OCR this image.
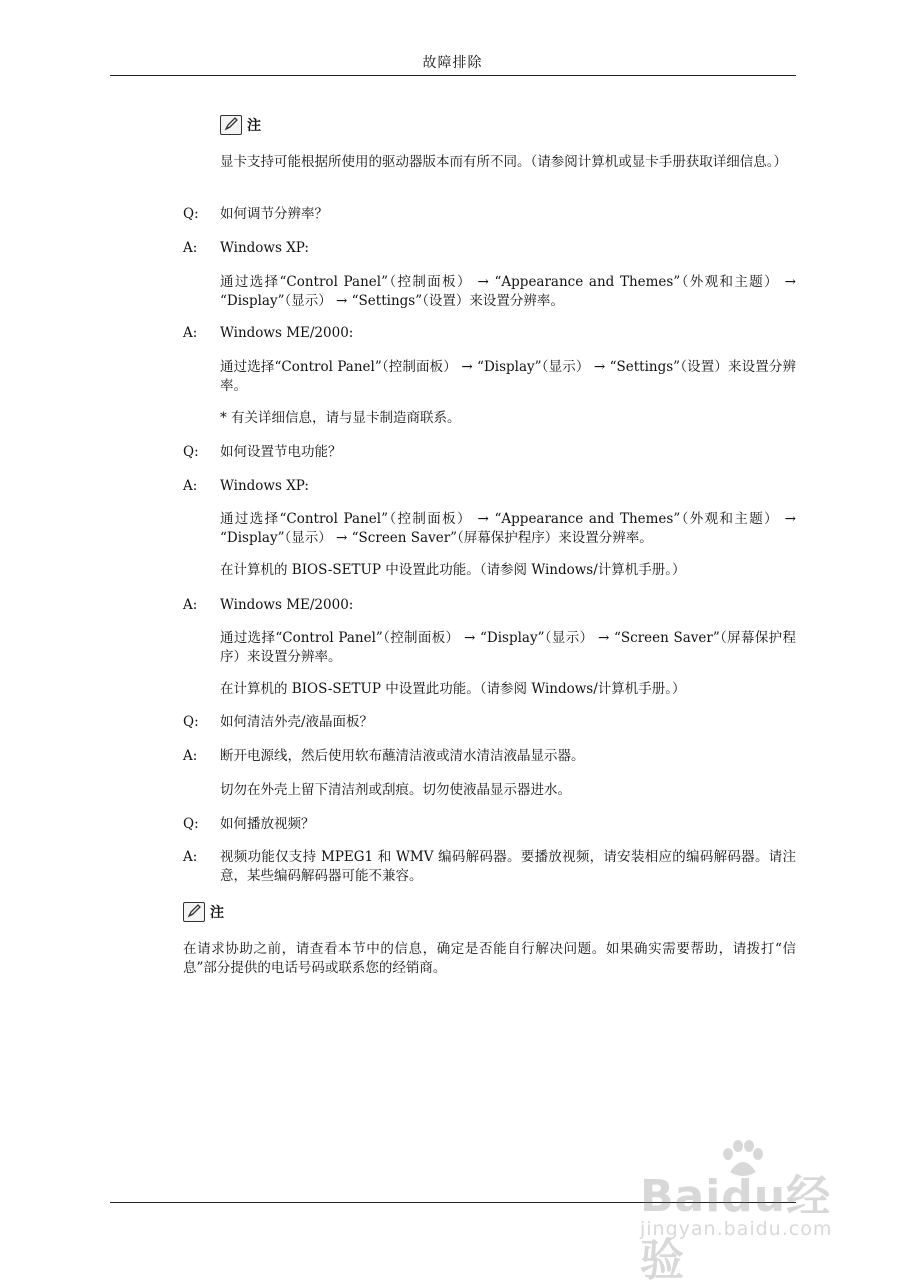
故障排除
注

显卡支持可能根据所使用的驱动器版本而有所不同。（请参阅计算机或显卡手册获取详细信息。）

Q: 如何调节分辨率？
A: Windows XP:

通过选择“Control Panel”（控制面板） → “Appearance and Themes”（外观和主题） → “Display”（显示） → “Settings”（设置）来设置分辨率。

A: Windows ME/2000:

通过选择“Control Panel”（控制面板） → “Display”（显示） → “Settings”（设置）来设置分辨率。

* 有关详细信息，请与显卡制造商联系。

Q: 如何设置节电功能？
A: Windows XP:

通过选择“Control Panel”（控制面板） → “Appearance and Themes”（外观和主题） → “Display”（显示） → “Screen Saver”（屏幕保护程序）来设置分辨率。

在计算机的 BIOS-SETUP 中设置此功能。（请参阅 Windows/计算机手册。）

A: Windows ME/2000:

通过选择“Control Panel”（控制面板） → “Display”（显示） → “Screen Saver”（屏幕保护程序）来设置分辨率。

在计算机的 BIOS-SETUP 中设置此功能。（请参阅 Windows/计算机手册。）

Q: 如何清洁外壳/液晶面板？
A: 断开电源线，然后使用软布蘸清洁液或清水清洁液晶显示器。

切勿在外壳上留下清洁剂或刮痕。切勿使液晶显示器进水。

Q: 如何播放视频？
A: 视频功能仅支持 MPEG1 和 WMV 编码解码器。要播放视频，请安装相应的编码解码器。请注意，某些编码解码器可能不兼容。

注

在请求协助之前，请查看本节中的信息，确定是否能自行解决问题。如果确实需要帮助，请拨打“信息”部分提供的电话号码或联系您的经销商。

Baidu经验
jingyan.baidu.com
